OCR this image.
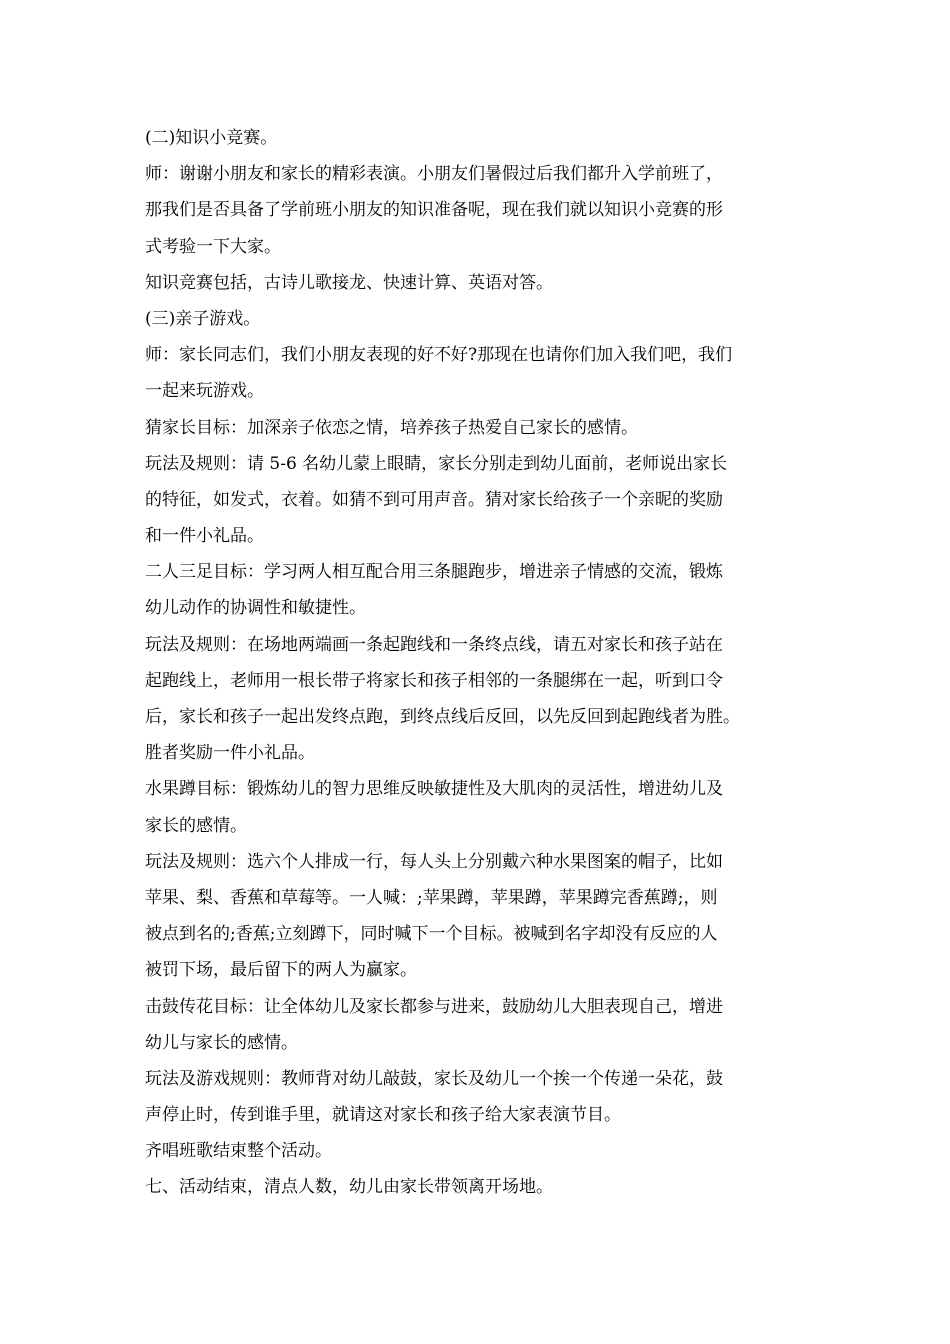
(二)知识小竞赛。
师：谢谢小朋友和家长的精彩表演。小朋友们暑假过后我们都升入学前班了，
那我们是否具备了学前班小朋友的知识准备呢，现在我们就以知识小竞赛的形
式考验一下大家。
知识竞赛包括，古诗儿歌接龙、快速计算、英语对答。
(三)亲子游戏。
师：家长同志们，我们小朋友表现的好不好?那现在也请你们加入我们吧，我们
一起来玩游戏。
猜家长目标：加深亲子依恋之情，培养孩子热爱自己家长的感情。
玩法及规则：请 5-6 名幼儿蒙上眼睛，家长分别走到幼儿面前，老师说出家长
的特征，如发式，衣着。如猜不到可用声音。猜对家长给孩子一个亲昵的奖励
和一件小礼品。
二人三足目标：学习两人相互配合用三条腿跑步，增进亲子情感的交流，锻炼
幼儿动作的协调性和敏捷性。
玩法及规则：在场地两端画一条起跑线和一条终点线，请五对家长和孩子站在
起跑线上，老师用一根长带子将家长和孩子相邻的一条腿绑在一起，听到口令
后，家长和孩子一起出发终点跑，到终点线后反回，以先反回到起跑线者为胜。
胜者奖励一件小礼品。
水果蹲目标：锻炼幼儿的智力思维反映敏捷性及大肌肉的灵活性，增进幼儿及
家长的感情。
玩法及规则：选六个人排成一行，每人头上分别戴六种水果图案的帽子，比如
苹果、梨、香蕉和草莓等。一人喊：;苹果蹲，苹果蹲，苹果蹲完香蕉蹲;，则
被点到名的;香蕉;立刻蹲下，同时喊下一个目标。被喊到名字却没有反应的人
被罚下场，最后留下的两人为赢家。
击鼓传花目标：让全体幼儿及家长都参与进来，鼓励幼儿大胆表现自己，增进
幼儿与家长的感情。
玩法及游戏规则：教师背对幼儿敲鼓，家长及幼儿一个挨一个传递一朵花，鼓
声停止时，传到谁手里，就请这对家长和孩子给大家表演节目。
齐唱班歌结束整个活动。
七、活动结束，清点人数，幼儿由家长带领离开场地。
